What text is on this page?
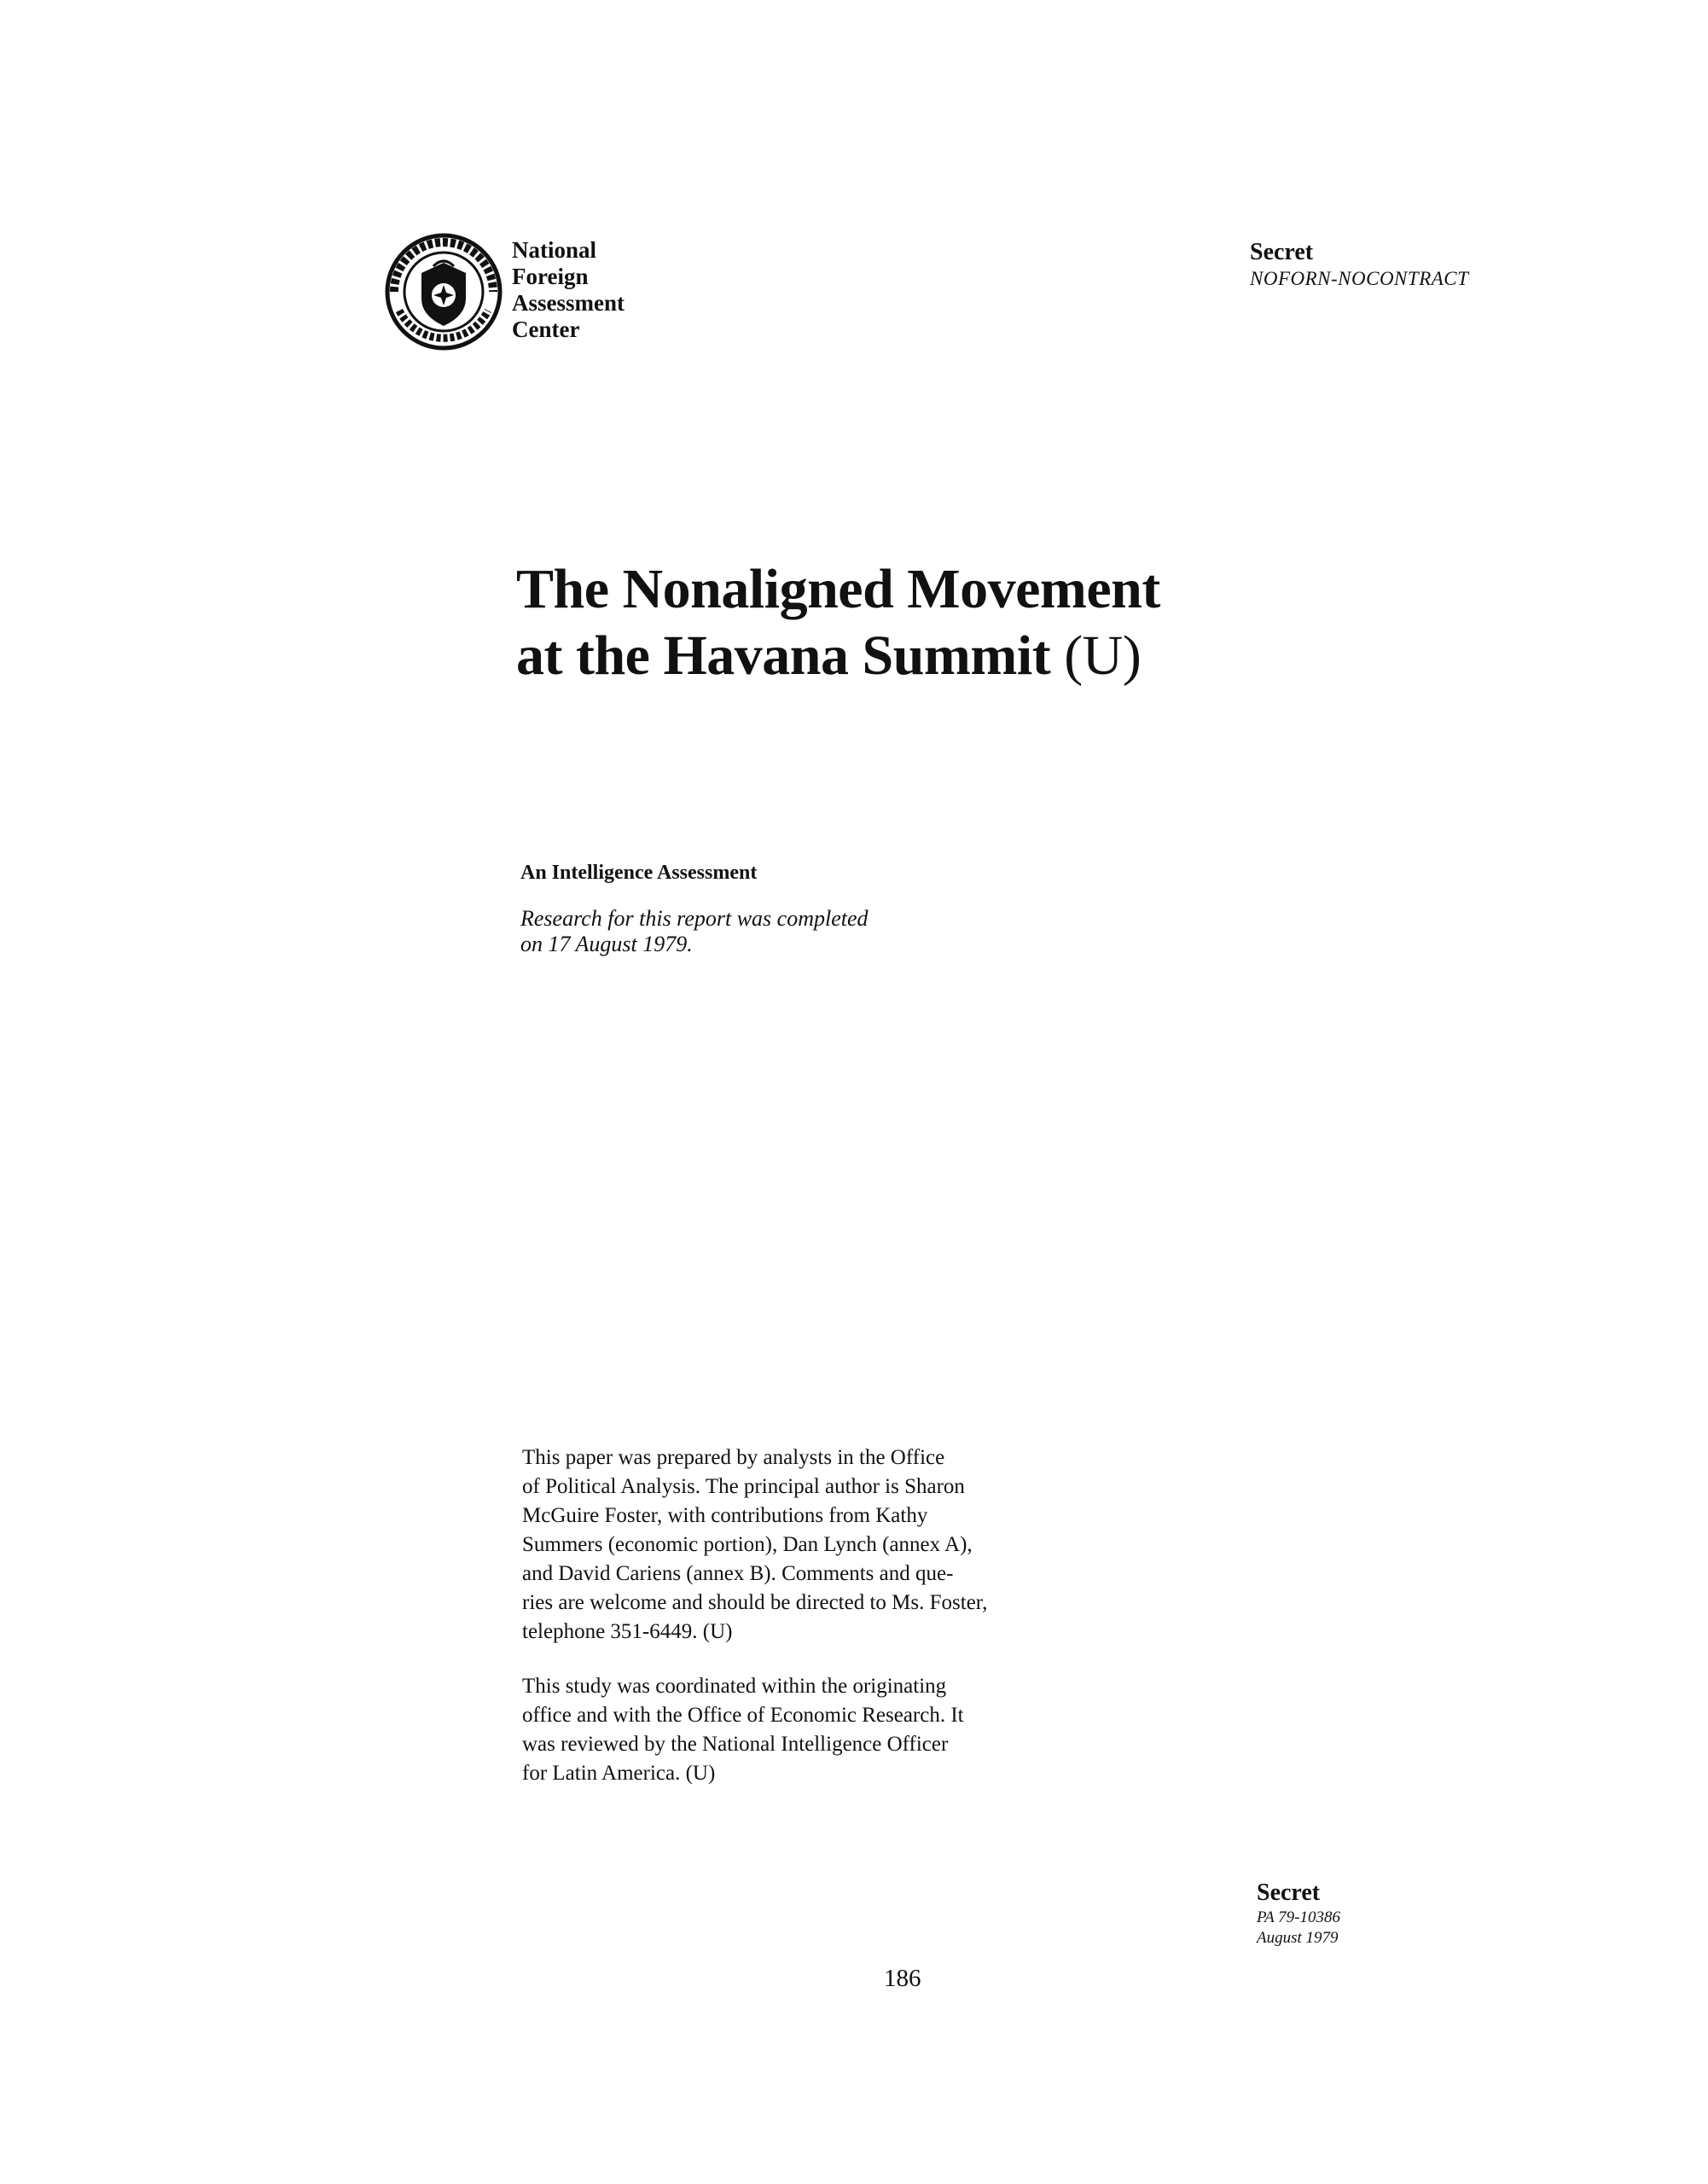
National
Foreign
Assessment
Center
Secret
NOFORN-NOCONTRACT
The Nonaligned Movement
at the Havana Summit (U)
An Intelligence Assessment
Research for this report was completed
on 17 August 1979.
This paper was prepared by analysts in the Office
of Political Analysis. The principal author is Sharon
McGuire Foster, with contributions from Kathy
Summers (economic portion), Dan Lynch (annex A),
and David Cariens (annex B). Comments and que-
ries are welcome and should be directed to Ms. Foster,
telephone 351-6449. (U)
This study was coordinated within the originating
office and with the Office of Economic Research. It
was reviewed by the National Intelligence Officer
for Latin America. (U)
Secret
PA 79-10386
August 1979
186
